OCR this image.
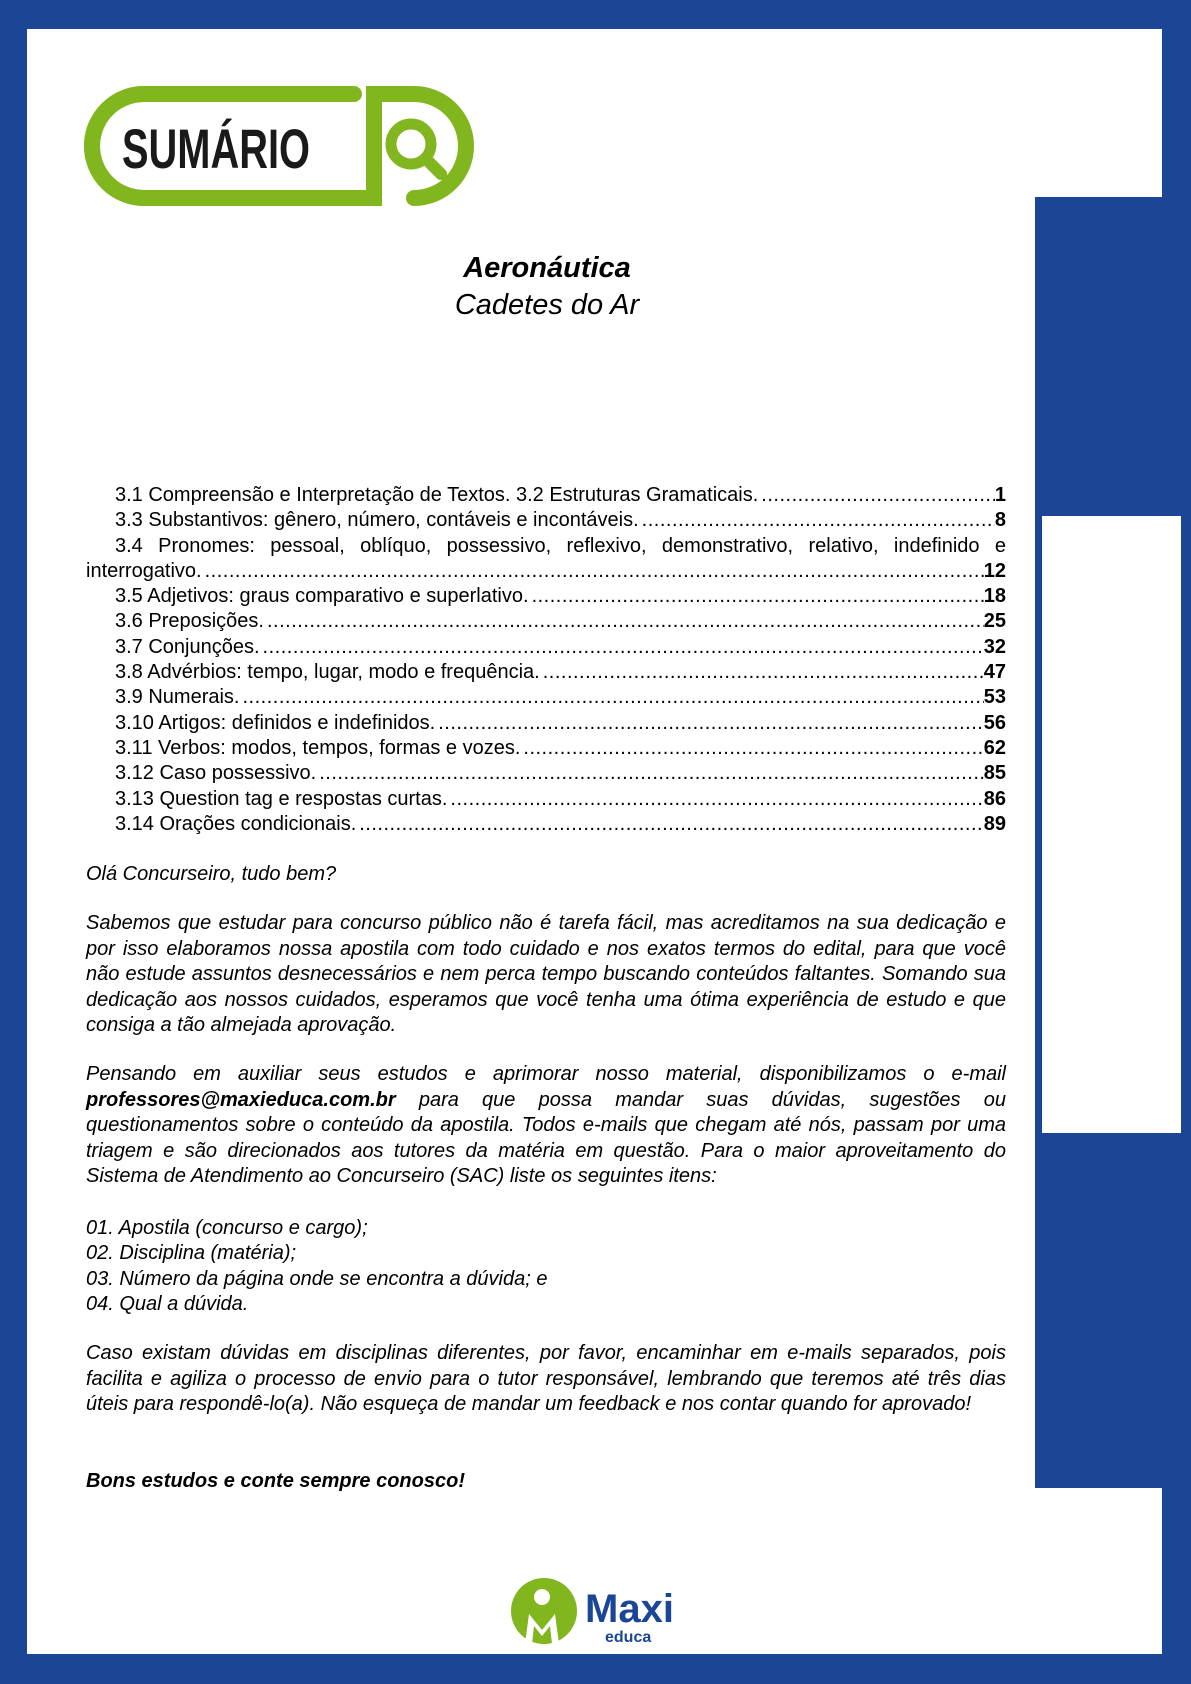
SUMÁRIO
Aeronáutica
Cadetes do Ar
3.1 Compreensão e Interpretação de Textos. 3.2 Estruturas Gramaticais. .....	1
3.3 Substantivos: gênero, número, contáveis e incontáveis. .....	8
3.4 Pronomes: pessoal, oblíquo, possessivo, reflexivo, demonstrativo, relativo, indefinido e
interrogativo. .....	12
3.5 Adjetivos: graus comparativo e superlativo. .....	18
3.6 Preposições. .....	25
3.7 Conjunções. .....	32
3.8 Advérbios: tempo, lugar, modo e frequência. .....	47
3.9 Numerais. .....	53
3.10 Artigos: definidos e indefinidos. .....	56
3.11 Verbos: modos, tempos, formas e vozes. .....	62
3.12 Caso possessivo. .....	85
3.13 Question tag e respostas curtas. .....	86
3.14 Orações condicionais. .....	89
Olá Concurseiro, tudo bem?
Sabemos que estudar para concurso público não é tarefa fácil, mas acreditamos na sua dedicação e por isso elaboramos nossa apostila com todo cuidado e nos exatos termos do edital, para que você não estude assuntos desnecessários e nem perca tempo buscando conteúdos faltantes. Somando sua dedicação aos nossos cuidados, esperamos que você tenha uma ótima experiência de estudo e que consiga a tão almejada aprovação.
Pensando em auxiliar seus estudos e aprimorar nosso material, disponibilizamos o e-mail professores@maxieduca.com.br para que possa mandar suas dúvidas, sugestões ou questionamentos sobre o conteúdo da apostila. Todos e-mails que chegam até nós, passam por uma triagem e são direcionados aos tutores da matéria em questão. Para o maior aproveitamento do Sistema de Atendimento ao Concurseiro (SAC) liste os seguintes itens:

01. Apostila (concurso e cargo);

02. Disciplina (matéria);

03. Número da página onde se encontra a dúvida; e

04. Qual a dúvida.

Caso existam dúvidas em disciplinas diferentes, por favor, encaminhar em e-mails separados, pois facilita e agiliza o processo de envio para o tutor responsável, lembrando que teremos até três dias úteis para respondê-lo(a). Não esqueça de mandar um feedback e nos contar quando for aprovado!
Bons estudos e conte sempre conosco!
Maxi
educa
